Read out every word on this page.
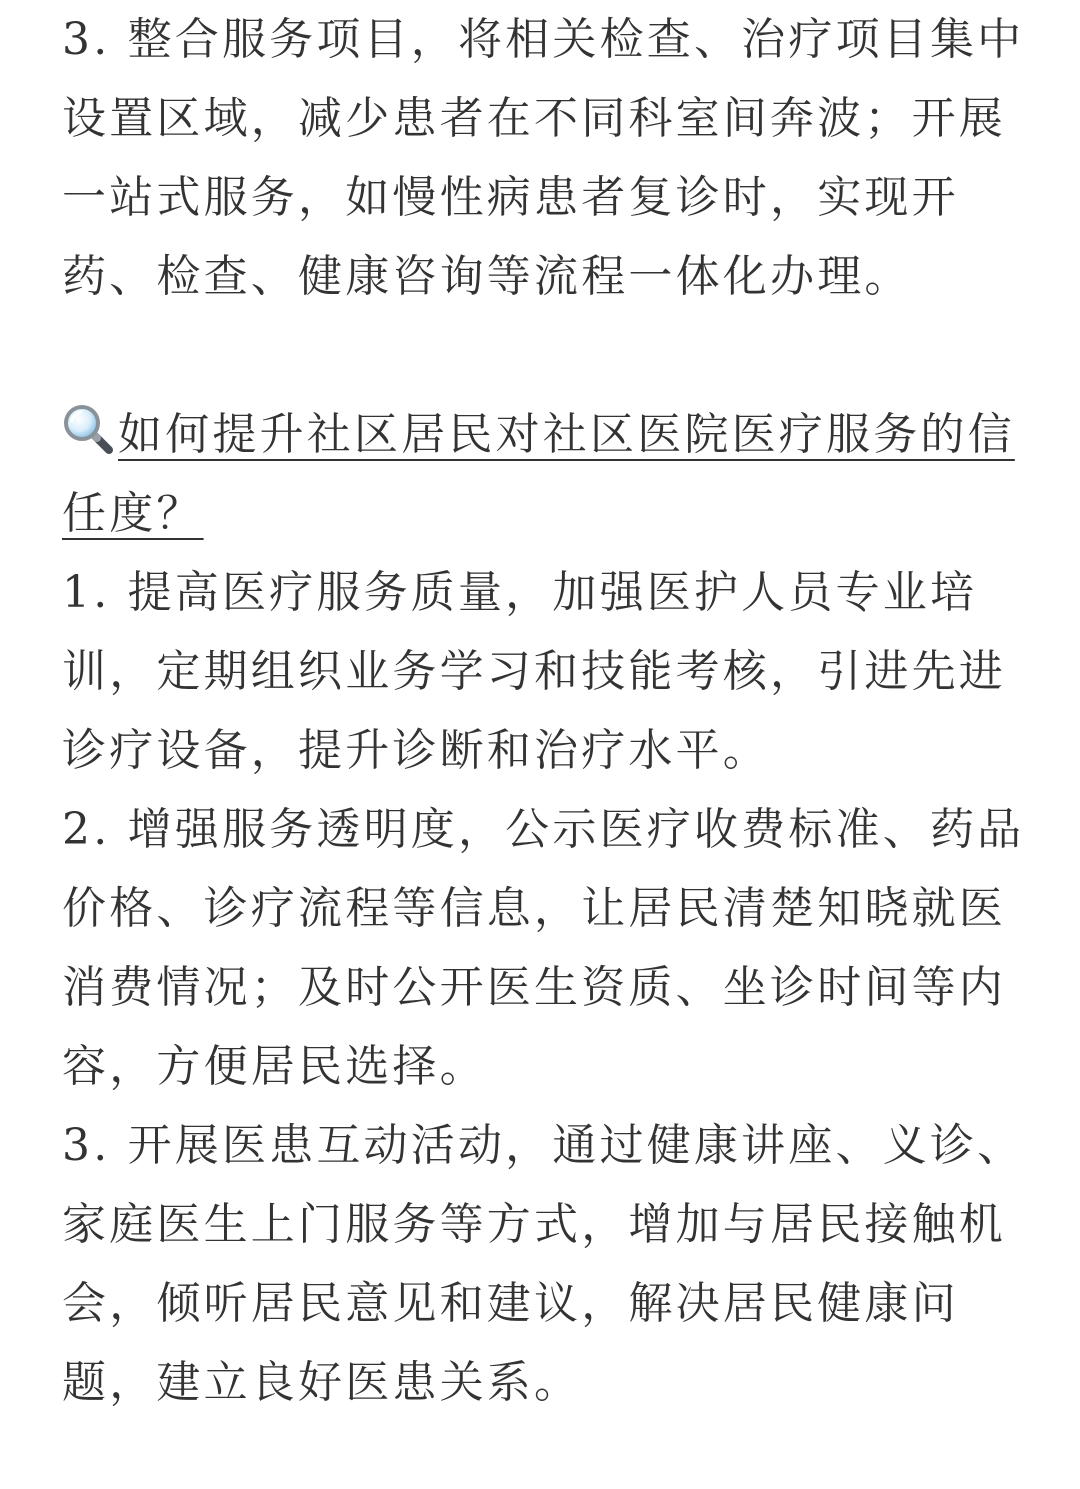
3. 整合服务项目，将相关检查、治疗项目集中设置区域，减少患者在不同科室间奔波；开展一站式服务，如慢性病患者复诊时，实现开药、检查、健康咨询等流程一体化办理。

如何提升社区居民对社区医院医疗服务的信任度？

1. 提高医疗服务质量，加强医护人员专业培训，定期组织业务学习和技能考核，引进先进诊疗设备，提升诊断和治疗水平。

2. 增强服务透明度，公示医疗收费标准、药品价格、诊疗流程等信息，让居民清楚知晓就医消费情况；及时公开医生资质、坐诊时间等内容，方便居民选择。

3. 开展医患互动活动，通过健康讲座、义诊、家庭医生上门服务等方式，增加与居民接触机会，倾听居民意见和建议，解决居民健康问题，建立良好医患关系。
